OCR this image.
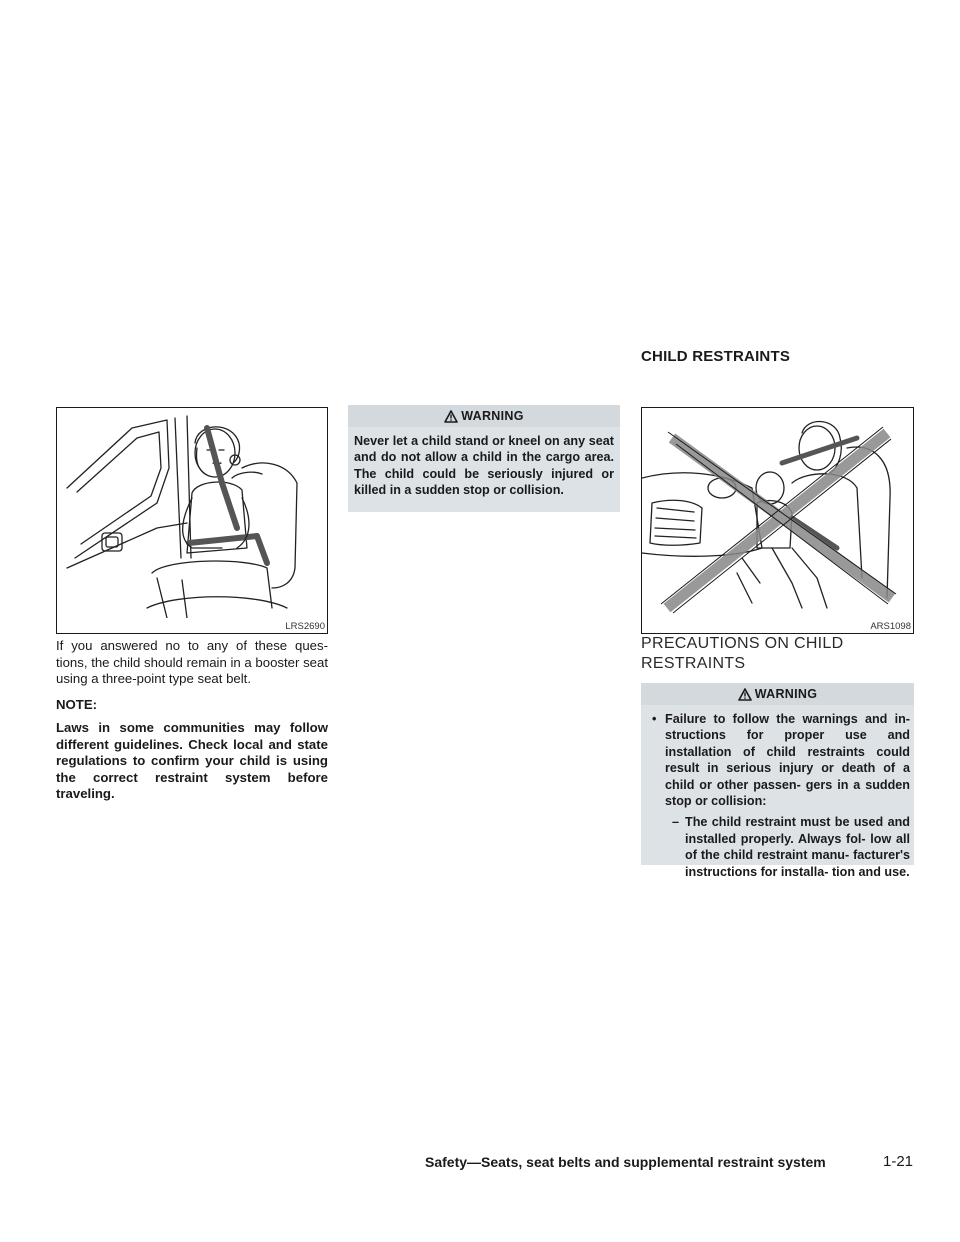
CHILD RESTRAINTS
LRS2690
If you answered no to any of these ques- tions, the child should remain in a booster seat using a three-point type seat belt.
NOTE:
Laws in some communities may follow different guidelines. Check local and state regulations to confirm your child is using the correct restraint system before traveling.
WARNING
Never let a child stand or kneel on any seat and do not allow a child in the cargo area. The child could be seriously injured or killed in a sudden stop or collision.
ARS1098
PRECAUTIONS ON CHILD RESTRAINTS
WARNING
• Failure to follow the warnings and in- structions for proper use and installation of child restraints could result in serious injury or death of a child or other passen- gers in a sudden stop or collision:
– The child restraint must be used and installed properly. Always fol- low all of the child restraint manu- facturer's instructions for installa- tion and use.
Safety—Seats, seat belts and supplemental restraint system	1-21
